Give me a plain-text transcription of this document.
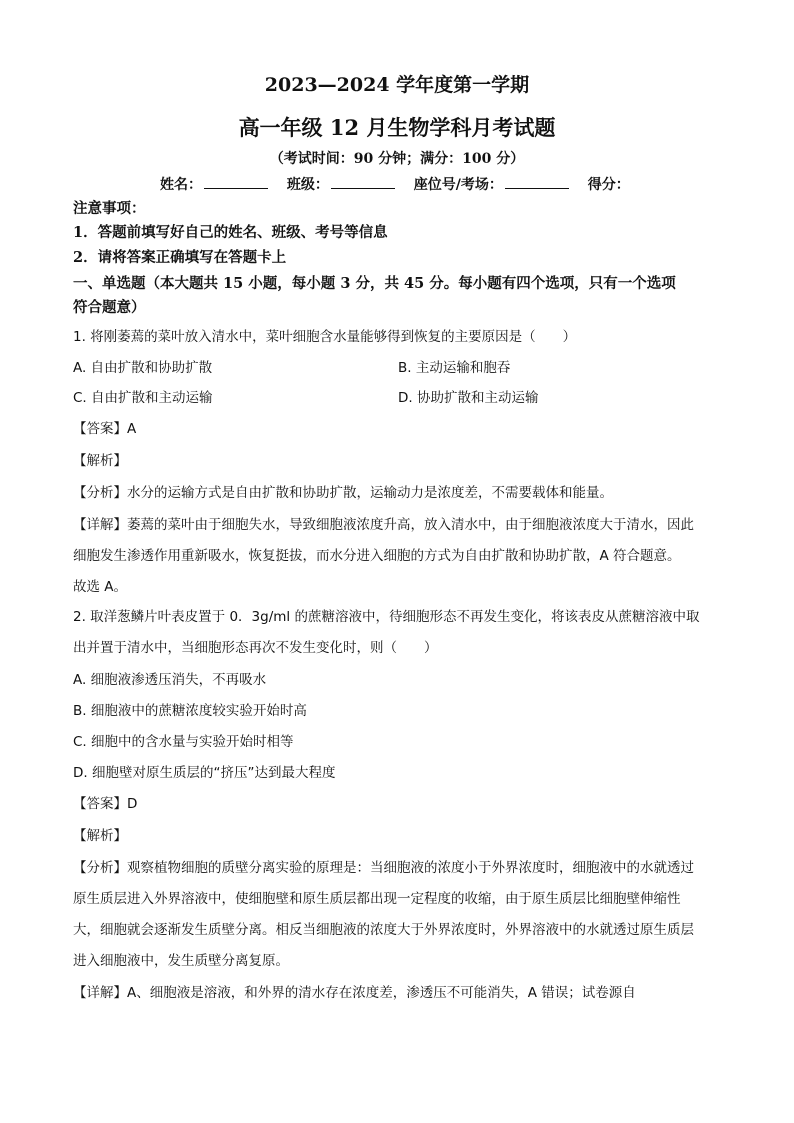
2023—2024 学年度第一学期
高一年级 12 月生物学科月考试题
（考试时间：90 分钟；满分：100 分）
姓名：	班级：	座位号/考场：	得分：
注意事项：
1．答题前填写好自己的姓名、班级、考号等信息
2．请将答案正确填写在答题卡上
一、单选题（本大题共 15 小题，每小题 3 分，共 45 分。每小题有四个选项，只有一个选项
符合题意）
1. 将刚萎蔫的菜叶放入清水中，菜叶细胞含水量能够得到恢复的主要原因是（　　）
A. 自由扩散和协助扩散	B. 主动运输和胞吞
C. 自由扩散和主动运输	D. 协助扩散和主动运输
【答案】A
【解析】
【分析】水分的运输方式是自由扩散和协助扩散，运输动力是浓度差，不需要载体和能量。
【详解】萎蔫的菜叶由于细胞失水，导致细胞液浓度升高，放入清水中，由于细胞液浓度大于清水，因此
细胞发生渗透作用重新吸水，恢复挺拔，而水分进入细胞的方式为自由扩散和协助扩散，A 符合题意。
故选 A。
2. 取洋葱鳞片叶表皮置于 0．3g/ml 的蔗糖溶液中，待细胞形态不再发生变化，将该表皮从蔗糖溶液中取
出并置于清水中，当细胞形态再次不发生变化时，则（　　）
A. 细胞液渗透压消失，不再吸水
B. 细胞液中的蔗糖浓度较实验开始时高
C. 细胞中的含水量与实验开始时相等
D. 细胞壁对原生质层的“挤压”达到最大程度
【答案】D
【解析】
【分析】观察植物细胞的质壁分离实验的原理是：当细胞液的浓度小于外界浓度时，细胞液中的水就透过
原生质层进入外界溶液中，使细胞壁和原生质层都出现一定程度的收缩，由于原生质层比细胞壁伸缩性
大，细胞就会逐渐发生质壁分离。相反当细胞液的浓度大于外界浓度时，外界溶液中的水就透过原生质层
进入细胞液中，发生质壁分离复原。
【详解】A、细胞液是溶液，和外界的清水存在浓度差，渗透压不可能消失，A 错误；试卷源自
